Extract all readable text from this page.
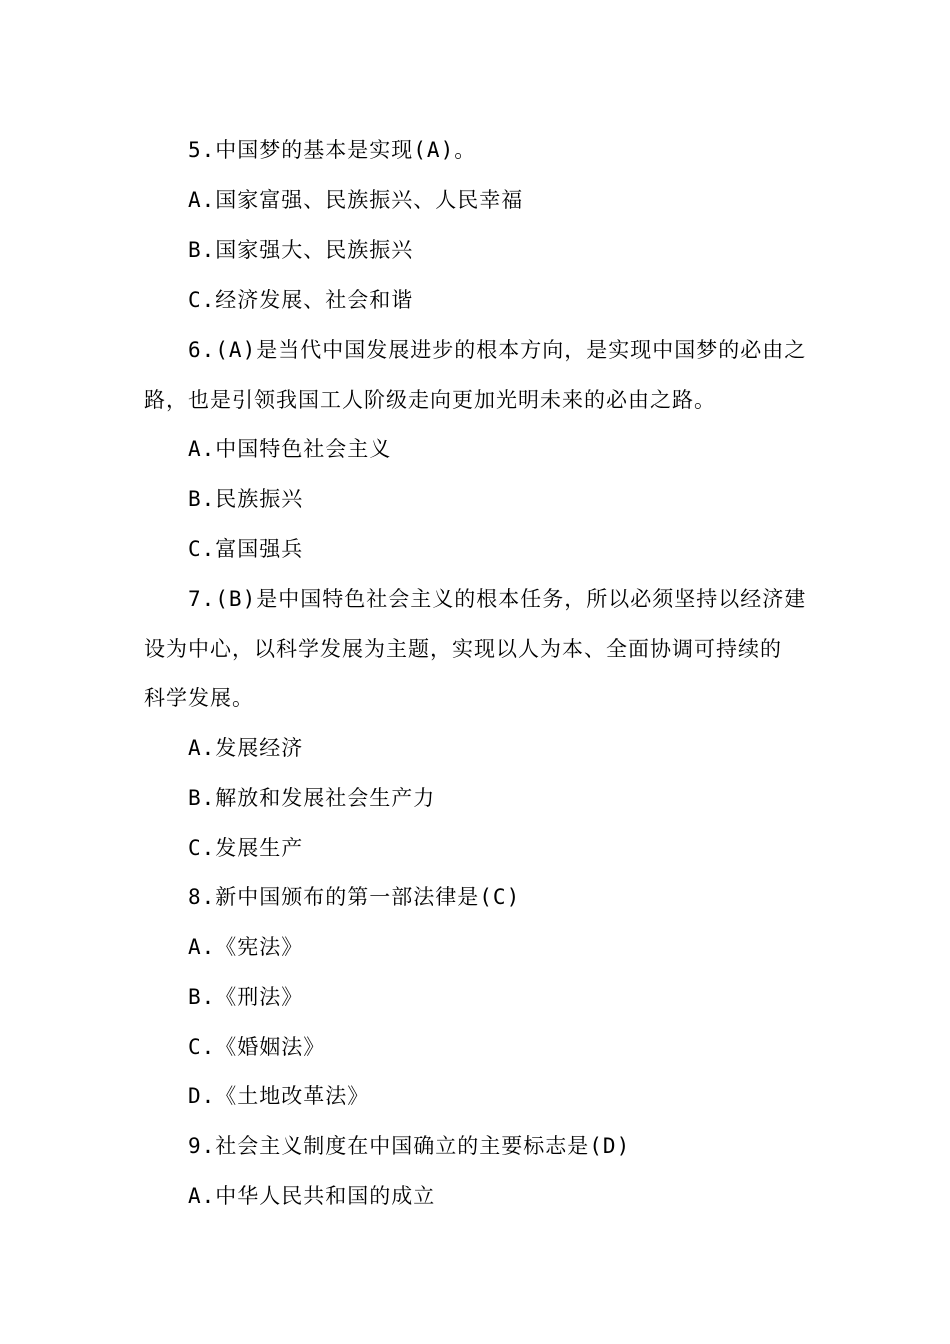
5.中国梦的基本是实现(A)。
A.国家富强、民族振兴、人民幸福
B.国家强大、民族振兴
C.经济发展、社会和谐
6.(A)是当代中国发展进步的根本方向，是实现中国梦的必由之
路，也是引领我国工人阶级走向更加光明未来的必由之路。
A.中国特色社会主义
B.民族振兴
C.富国强兵
7.(B)是中国特色社会主义的根本任务，所以必须坚持以经济建
设为中心，以科学发展为主题，实现以人为本、全面协调可持续的
科学发展。
A.发展经济
B.解放和发展社会生产力
C.发展生产
8.新中国颁布的第一部法律是(C)
A.《宪法》
B.《刑法》
C.《婚姻法》
D.《土地改革法》
9.社会主义制度在中国确立的主要标志是(D)
A.中华人民共和国的成立
